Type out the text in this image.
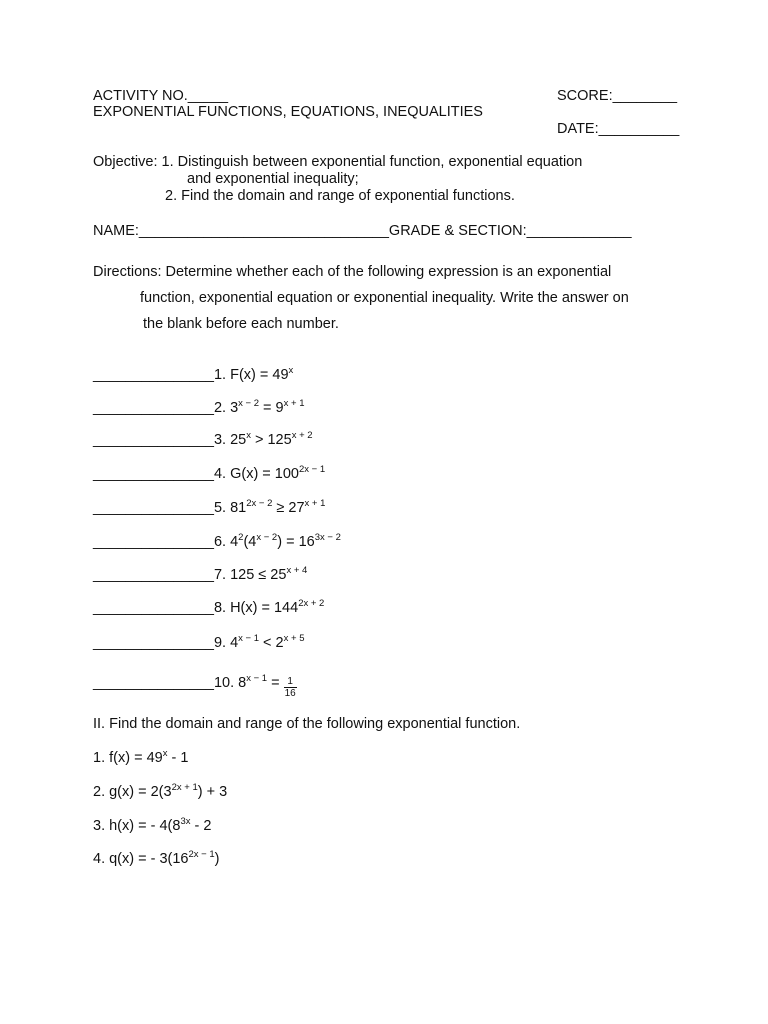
ACTIVITY NO._____	SCORE:________
EXPONENTIAL FUNCTIONS, EQUATIONS, INEQUALITIES
DATE:__________
Objective: 1. Distinguish between exponential function, exponential equation
and exponential inequality;
2. Find the domain and range of exponential functions.
NAME:_______________________________GRADE & SECTION:_____________
Directions: Determine whether each of the following expression is an exponential
function, exponential equation or exponential inequality. Write the answer on
the blank before each number.
_______________1. $F(x) = 49^x$
_______________2. $3^{x - 2} = 9^{x + 1}$
_______________3. $25^x > 125^{x + 2}$
_______________4. $G(x) = 100^{2x - 1}$
_______________5. $81^{2x - 2} \ge 27^{x + 1}$
_______________6. $4^2(4^{x - 2}) = 16^{3x - 2}$
_______________7. $125 \le 25^{x + 4}$
_______________8. $H(x) = 144^{2x + 2}$
_______________9. $4^{x - 1} < 2^{x + 5}$
_______________10. $8^{x - 1} = \frac{1}{16}$
II. Find the domain and range of the following exponential function.
1. $f(x) = 49^x - 1$
2. $g(x) = 2(3^{2x + 1}) + 3$
3. h(x) = - $4(8^{3x} - 2$
4. q(x) = - $3(16^{2x - 1})$
